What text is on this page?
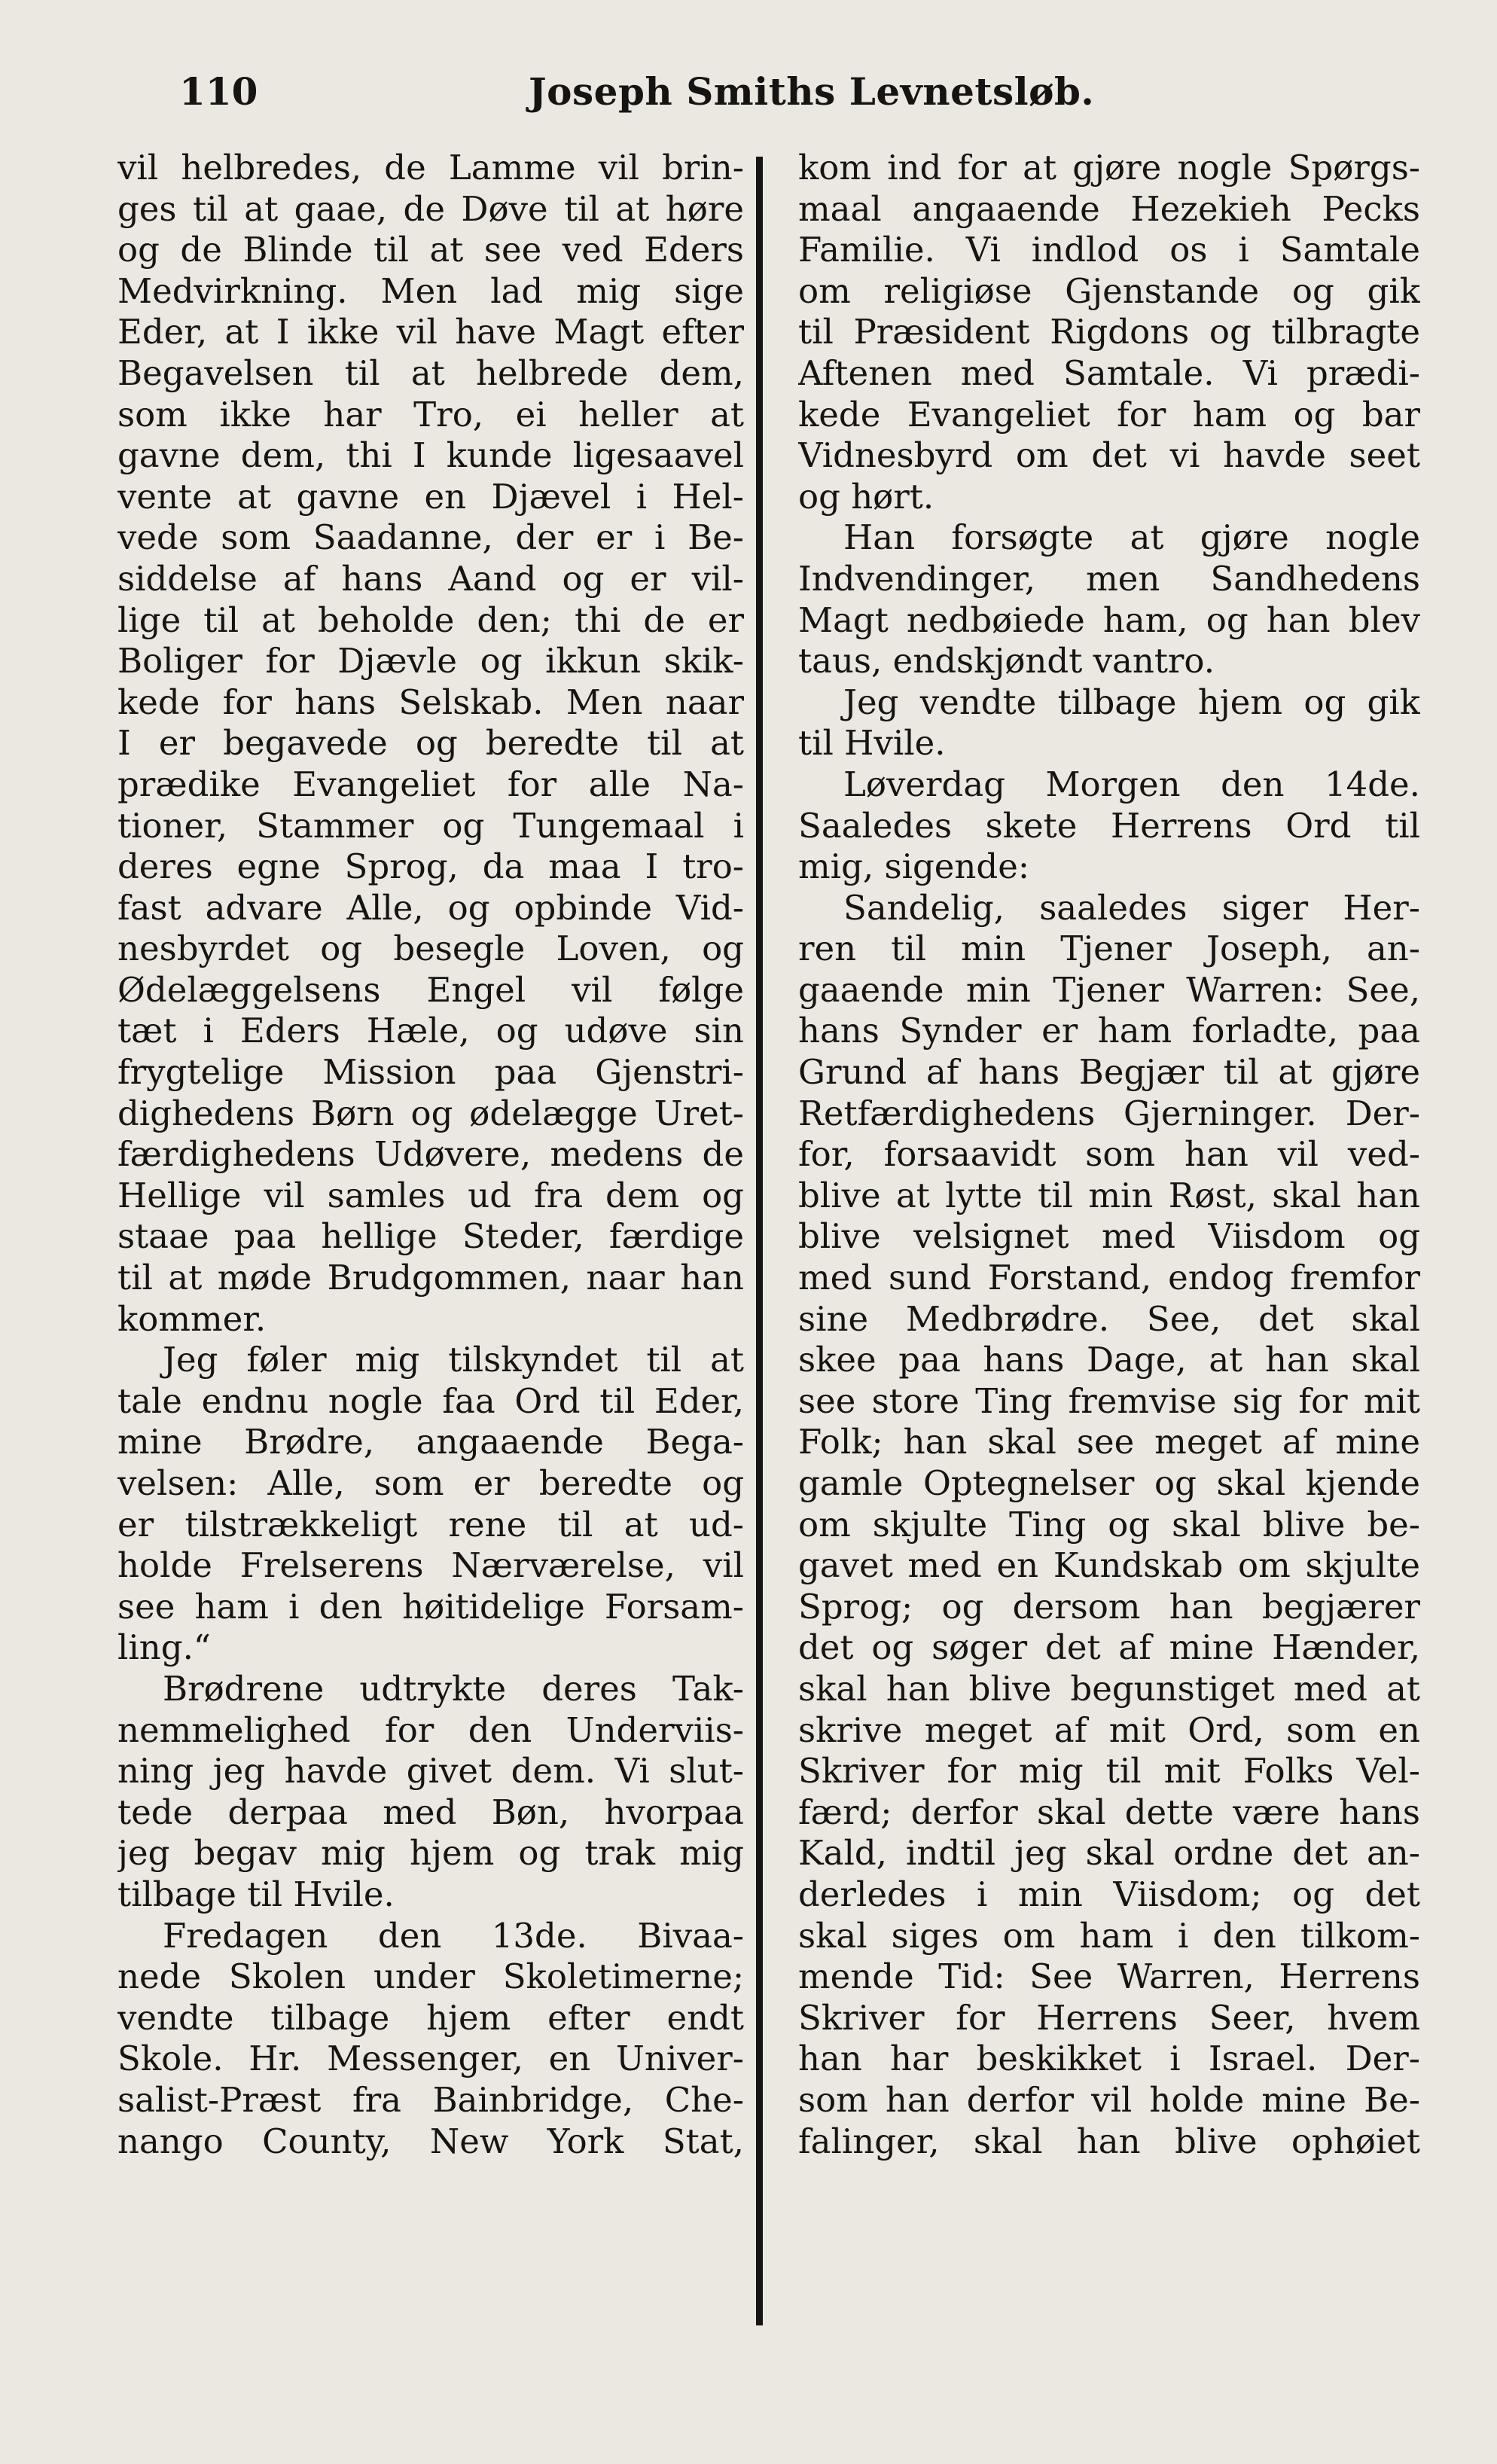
110	Joseph Smiths Levnetsløb.
vil helbredes, de Lamme vil brin-
ges til at gaae, de Døve til at høre
og de Blinde til at see ved Eders
Medvirkning. Men lad mig sige
Eder, at I ikke vil have Magt efter
Begavelsen til at helbrede dem,
som ikke har Tro, ei heller at
gavne dem, thi I kunde ligesaavel
vente at gavne en Djævel i Hel-
vede som Saadanne, der er i Be-
siddelse af hans Aand og er vil-
lige til at beholde den; thi de er
Boliger for Djævle og ikkun skik-
kede for hans Selskab. Men naar
I er begavede og beredte til at
prædike Evangeliet for alle Na-
tioner, Stammer og Tungemaal i
deres egne Sprog, da maa I tro-
fast advare Alle, og opbinde Vid-
nesbyrdet og besegle Loven, og
Ødelæggelsens Engel vil følge
tæt i Eders Hæle, og udøve sin
frygtelige Mission paa Gjenstri-
dighedens Børn og ødelægge Uret-
færdighedens Udøvere, medens de
Hellige vil samles ud fra dem og
staae paa hellige Steder, færdige
til at møde Brudgommen, naar han
kommer.
Jeg føler mig tilskyndet til at
tale endnu nogle faa Ord til Eder,
mine Brødre, angaaende Bega-
velsen: Alle, som er beredte og
er tilstrækkeligt rene til at ud-
holde Frelserens Nærværelse, vil
see ham i den høitidelige Forsam-
ling.“
Brødrene udtrykte deres Tak-
nemmelighed for den Underviis-
ning jeg havde givet dem. Vi slut-
tede derpaa med Bøn, hvorpaa
jeg begav mig hjem og trak mig
tilbage til Hvile.
Fredagen den 13de. Bivaa-
nede Skolen under Skoletimerne;
vendte tilbage hjem efter endt
Skole. Hr. Messenger, en Univer-
salist-Præst fra Bainbridge, Che-
nango County, New York Stat,
kom ind for at gjøre nogle Spørgs-
maal angaaende Hezekieh Pecks
Familie. Vi indlod os i Samtale
om religiøse Gjenstande og gik
til Præsident Rigdons og tilbragte
Aftenen med Samtale. Vi prædi-
kede Evangeliet for ham og bar
Vidnesbyrd om det vi havde seet
og hørt.
Han forsøgte at gjøre nogle
Indvendinger, men Sandhedens
Magt nedbøiede ham, og han blev
taus, endskjøndt vantro.
Jeg vendte tilbage hjem og gik
til Hvile.
Løverdag Morgen den 14de.
Saaledes skete Herrens Ord til
mig, sigende:
Sandelig, saaledes siger Her-
ren til min Tjener Joseph, an-
gaaende min Tjener Warren: See,
hans Synder er ham forladte, paa
Grund af hans Begjær til at gjøre
Retfærdighedens Gjerninger. Der-
for, forsaavidt som han vil ved-
blive at lytte til min Røst, skal han
blive velsignet med Viisdom og
med sund Forstand, endog fremfor
sine Medbrødre. See, det skal
skee paa hans Dage, at han skal
see store Ting fremvise sig for mit
Folk; han skal see meget af mine
gamle Optegnelser og skal kjende
om skjulte Ting og skal blive be-
gavet med en Kundskab om skjulte
Sprog; og dersom han begjærer
det og søger det af mine Hænder,
skal han blive begunstiget med at
skrive meget af mit Ord, som en
Skriver for mig til mit Folks Vel-
færd; derfor skal dette være hans
Kald, indtil jeg skal ordne det an-
derledes i min Viisdom; og det
skal siges om ham i den tilkom-
mende Tid: See Warren, Herrens
Skriver for Herrens Seer, hvem
han har beskikket i Israel. Der-
som han derfor vil holde mine Be-
falinger, skal han blive ophøiet
